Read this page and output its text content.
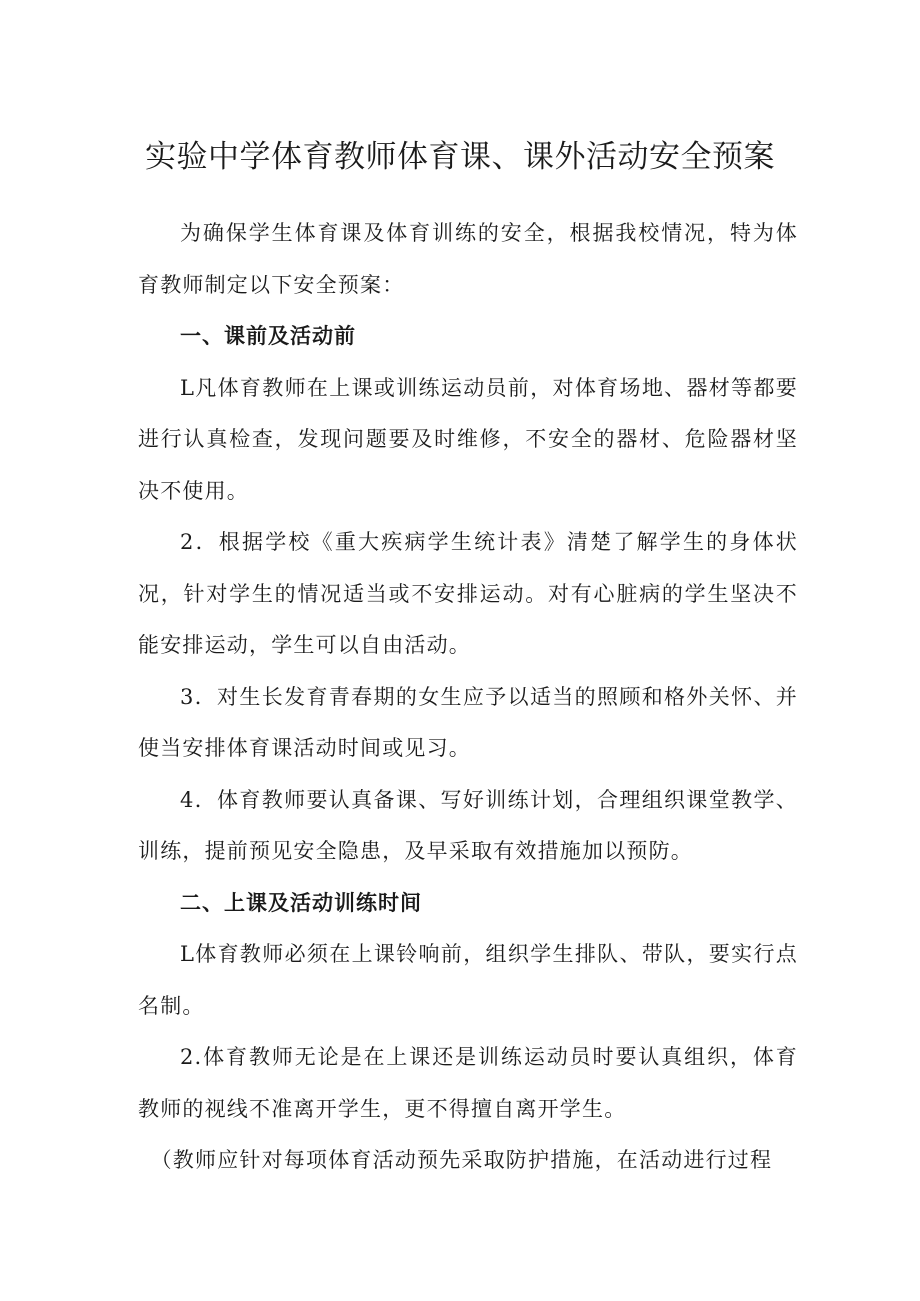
实验中学体育教师体育课、课外活动安全预案

为确保学生体育课及体育训练的安全，根据我校情况，特为体育教师制定以下安全预案：

一、课前及活动前

L凡体育教师在上课或训练运动员前，对体育场地、器材等都要进行认真检查，发现问题要及时维修，不安全的器材、危险器材坚决不使用。

2．根据学校《重大疾病学生统计表》清楚了解学生的身体状况，针对学生的情况适当或不安排运动。对有心脏病的学生坚决不能安排运动，学生可以自由活动。

3．对生长发育青春期的女生应予以适当的照顾和格外关怀、并使当安排体育课活动时间或见习。

4．体育教师要认真备课、写好训练计划，合理组织课堂教学、训练，提前预见安全隐患，及早采取有效措施加以预防。

二、上课及活动训练时间

L体育教师必须在上课铃响前，组织学生排队、带队，要实行点名制。

2.体育教师无论是在上课还是训练运动员时要认真组织，体育教师的视线不准离开学生，更不得擅自离开学生。

（教师应针对每项体育活动预先采取防护措施，在活动进行过程
